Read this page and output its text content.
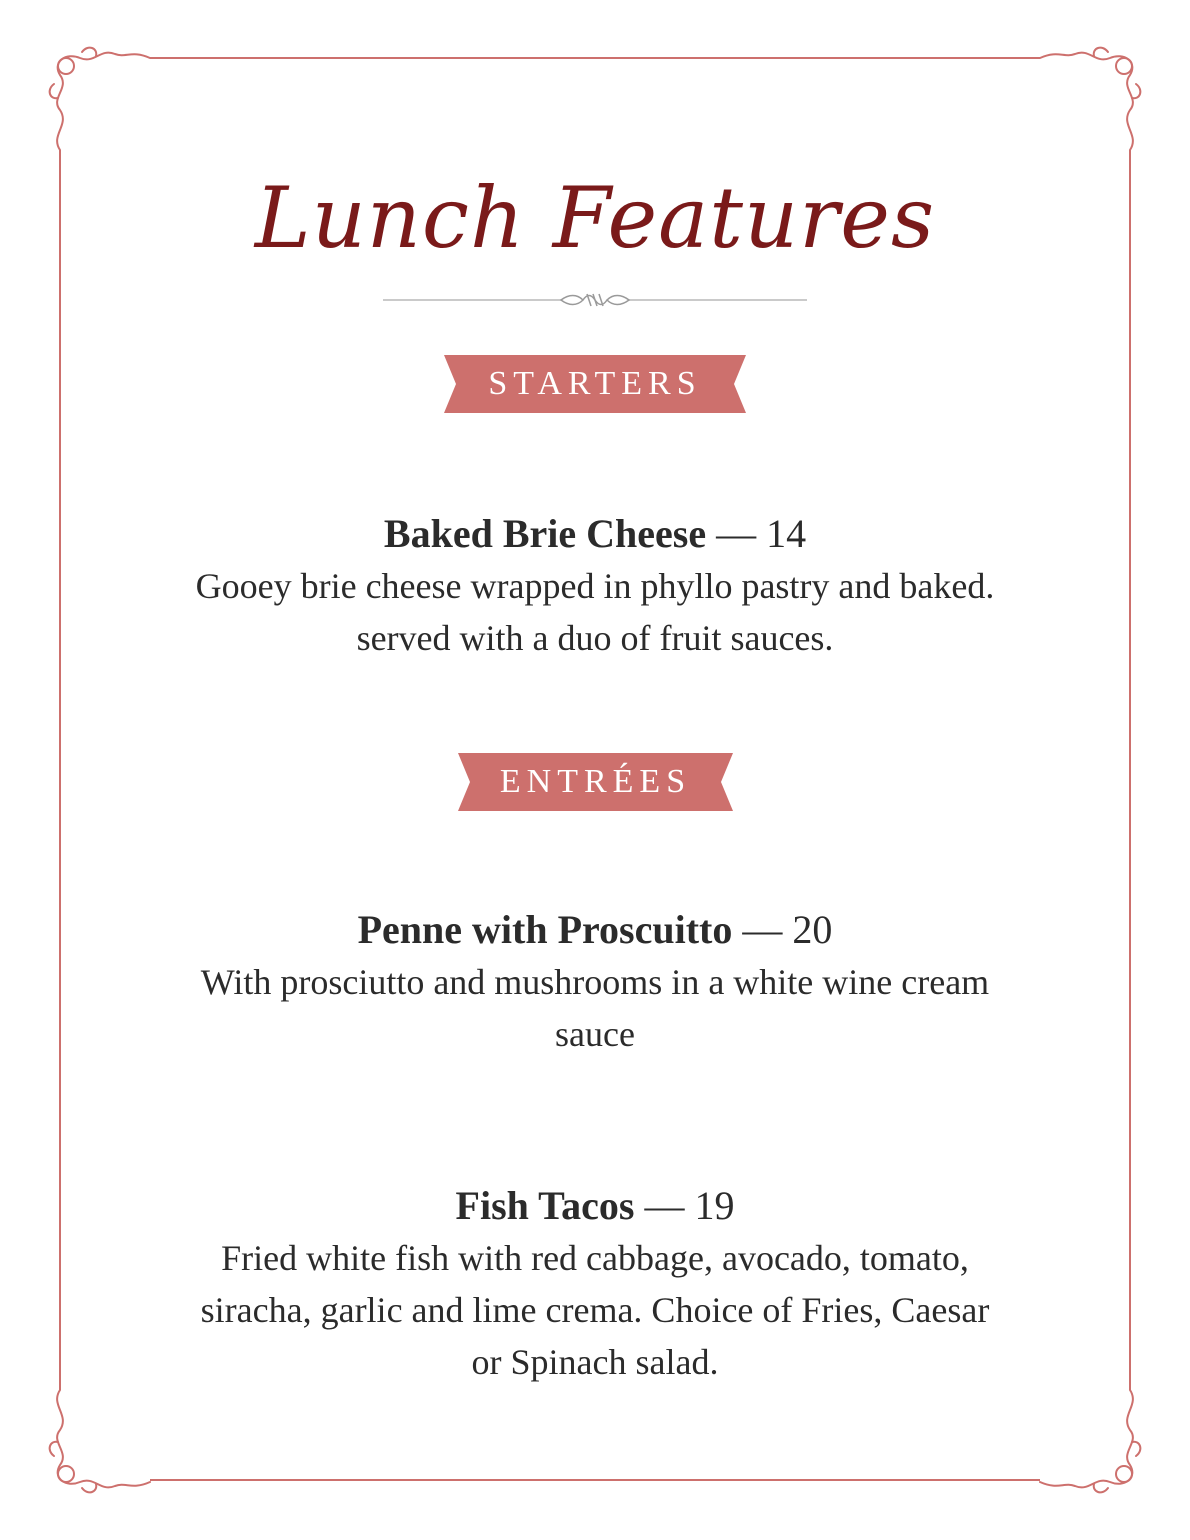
Lunch Features
STARTERS
Baked Brie Cheese — 14
Gooey brie cheese wrapped in phyllo pastry and baked. served with a duo of fruit sauces.
ENTRÉES
Penne with Proscuitto — 20
With prosciutto and mushrooms in a white wine cream sauce
Fish Tacos — 19
Fried white fish with red cabbage, avocado, tomato, siracha, garlic and lime crema. Choice of Fries, Caesar or Spinach salad.
